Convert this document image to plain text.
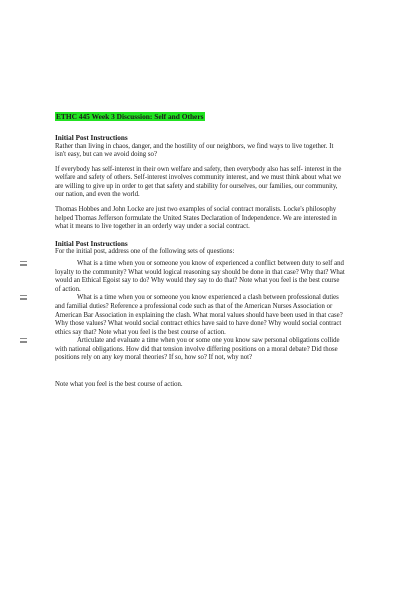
ETHC 445 Week 3 Discussion: Self and Others
Initial Post Instructions

Rather than living in chaos, danger, and the hostility of our neighbors, we find ways to live together. It isn't easy, but can we avoid doing so?

If everybody has self-interest in their own welfare and safety, then everybody also has self- interest in the welfare and safety of others. Self-interest involves community interest, and we must think about what we are willing to give up in order to get that safety and stability for ourselves, our families, our community, our nation, and even the world.

Thomas Hobbes and John Locke are just two examples of social contract moralists. Locke's philosophy helped Thomas Jefferson formulate the United States Declaration of Independence. We are interested in what it means to live together in an orderly way under a social contract.

Initial Post Instructions

For the initial post, address one of the following sets of questions:

What is a time when you or someone you know of experienced a conflict between duty to self and loyalty to the community? What would logical reasoning say should be done in that case? Why that? What would an Ethical Egoist say to do? Why would they say to do that? Note what you feel is the best course of action.
What is a time when you or someone you know experienced a clash between professional duties and familial duties? Reference a professional code such as that of the American Nurses Association or American Bar Association in explaining the clash. What moral values should have been used in that case? Why those values? What would social contract ethics have said to have done? Why would social contract ethics say that? Note what you feel is the best course of action.
Articulate and evaluate a time when you or some one you know saw personal obligations collide with national obligations. How did that tension involve differing positions on a moral debate? Did those positions rely on any key moral theories? If so, how so? If not, why not?

Note what you feel is the best course of action.
